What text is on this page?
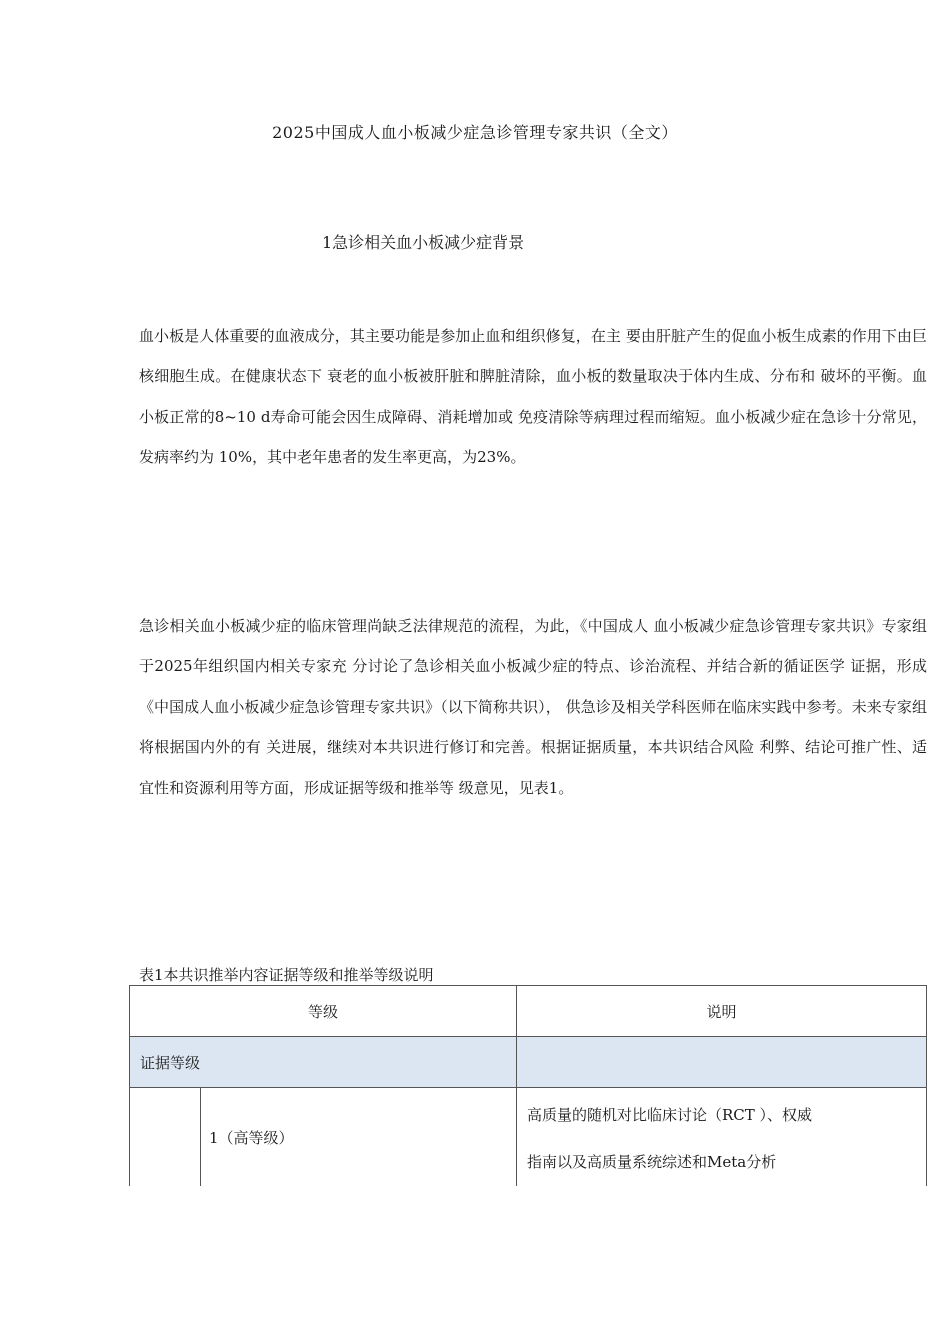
2025中国成人血小板减少症急诊管理专家共识（全文）
1急诊相关血小板减少症背景

血小板是人体重要的血液成分，其主要功能是参加止血和组织修复，在主 要由肝脏产生的促血小板生成素的作用下由巨核细胞生成。在健康状态下 衰老的血小板被肝脏和脾脏清除，血小板的数量取决于体内生成、分布和 破坏的平衡。血小板正常的8~10 d寿命可能会因生成障碍、消耗增加或 免疫清除等病理过程而缩短。血小板减少症在急诊十分常见，发病率约为 10%，其中老年患者的发生率更高，为23%。

急诊相关血小板减少症的临床管理尚缺乏法律规范的流程，为此，《中国成人 血小板减少症急诊管理专家共识》专家组于2025年组织国内相关专家充 分讨论了急诊相关血小板减少症的特点、诊治流程、并结合新的循证医学 证据，形成《中国成人血小板减少症急诊管理专家共识》（以下简称共识）， 供急诊及相关学科医师在临床实践中参考。未来专家组将根据国内外的有 关进展，继续对本共识进行修订和完善。根据证据质量，本共识结合风险 利弊、结论可推广性、适宜性和资源利用等方面，形成证据等级和推举等 级意见，见表1。

表1本共识推举内容证据等级和推举等级说明
等级		说明
证据等级		
	1（高等级）	高质量的随机对比临床讨论（RCT ）、权威
指南以及高质量系统综述和Meta分析
